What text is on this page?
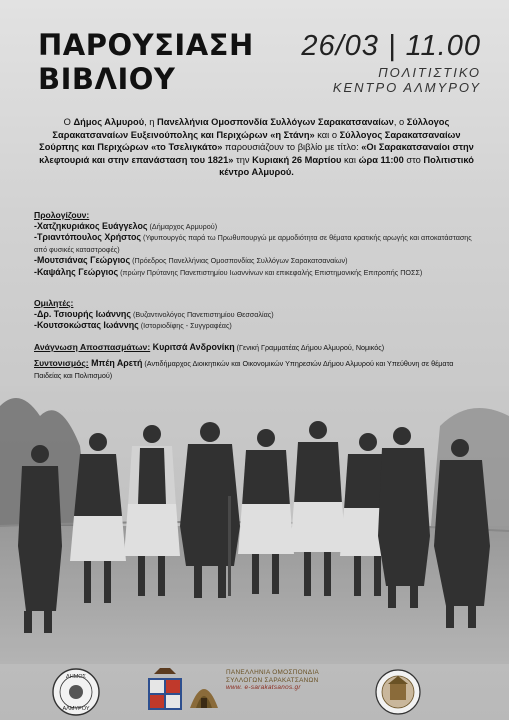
ΠΑΡΟΥΣΙΑΣΗ
ΒΙΒΛΙΟΥ
26/03 | 11.00
ΠΟΛΙΤΙΣΤΙΚΟ
ΚΕΝΤΡΟ ΑΛΜΥΡΟΥ
Ο Δήμος Αλμυρού, η Πανελλήνια Ομοσπονδία Συλλόγων Σαρακατσαναίων, ο Σύλλογος Σαρακατσαναίων Ευξεινούπολης και Περιχώρων «η Στάνη» και ο Σύλλογος Σαρακατσαναίων Σούρπης και Περιχώρων «το Τσελιγκάτο» παρουσιάζουν το βιβλίο με τίτλο: «Οι Σαρακατσαναίοι στην κλεφτουριά και στην επανάσταση του 1821» την Κυριακή 26 Μαρτίου και ώρα 11:00 στο Πολιτιστικό κέντρο Αλμυρού.
Προλογίζουν:
-Χατζηκυριάκος Ευάγγελος (Δήμαρχος Αρμυρού)
-Τριαντόπουλος Χρήστος (Υφυπουργός παρά τω Πρωθυπουργώ με αρμοδιότητα σε θέματα κρατικής αρωγής και αποκατάστασης από φυσικές καταστροφές)
-Μουτσιάνας Γεώργιος (Πρόεδρος Πανελλήνιας Ομοσπονδίας Συλλόγων Σαρακατσαναίων)
-Καψάλης Γεώργιος (πρώην Πρύτανης Πανεπιστημίου Ιωαννίνων και επικεφαλής Επιστημονικής Επιτροπής ΠΟΣΣ)
Ομιλητές:
-Δρ. Τσιουρής Ιωάννης (Βυζαντινολόγος Πανεπιστημίου Θεσσαλίας)
-Κουτσοκώστας Ιωάννης (Ιστοριοδίφης - Συγγραφέας)
Ανάγνωση Αποσπασμάτων: Κυριτσά Ανδρονίκη (Γενική Γραμματέας Δήμου Αλμυρού, Νομικός)
Συντονισμός: Μπέη Αρετή (Αντιδήμαρχος Διοικητικών και Οικονομικών Υπηρεσιών Δήμου Αλμυρού και Υπεύθυνη σε θέματα Παιδείας και Πολιτισμού)
ΔΗΜΟΣ
ΑΛΜΥΡΟΥ
ΠΑΝΕΛΛΗΝΙΑ ΟΜΟΣΠΟΝΔΙΑ
ΣΥΛΛΟΓΩΝ ΣΑΡΑΚΑΤΣΑΝΩΝ
www. e-sarakatsanos.gr
